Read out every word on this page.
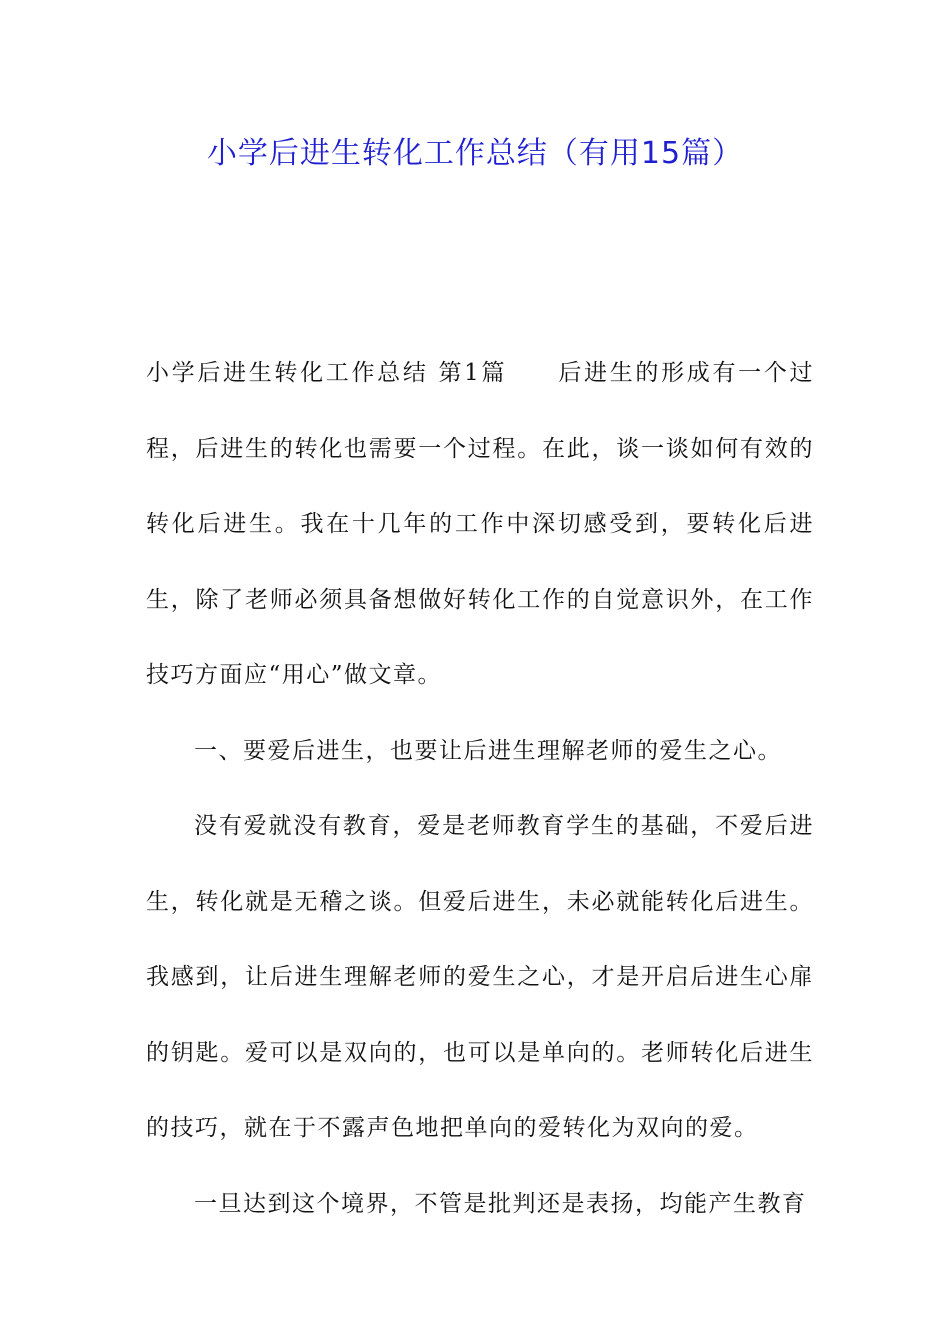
小学后进生转化工作总结（有用15篇）

小学后进生转化工作总结 第1篇 后进生的形成有一个过程，后进生的转化也需要一个过程。在此，谈一谈如何有效的转化后进生。我在十几年的工作中深切感受到，要转化后进生，除了老师必须具备想做好转化工作的自觉意识外，在工作技巧方面应“用心”做文章。

一、要爱后进生，也要让后进生理解老师的爱生之心。

没有爱就没有教育，爱是老师教育学生的基础，不爱后进生，转化就是无稽之谈。但爱后进生，未必就能转化后进生。我感到，让后进生理解老师的爱生之心，才是开启后进生心扉的钥匙。爱可以是双向的，也可以是单向的。老师转化后进生的技巧，就在于不露声色地把单向的爱转化为双向的爱。

一旦达到这个境界，不管是批判还是表扬，均能产生教育
